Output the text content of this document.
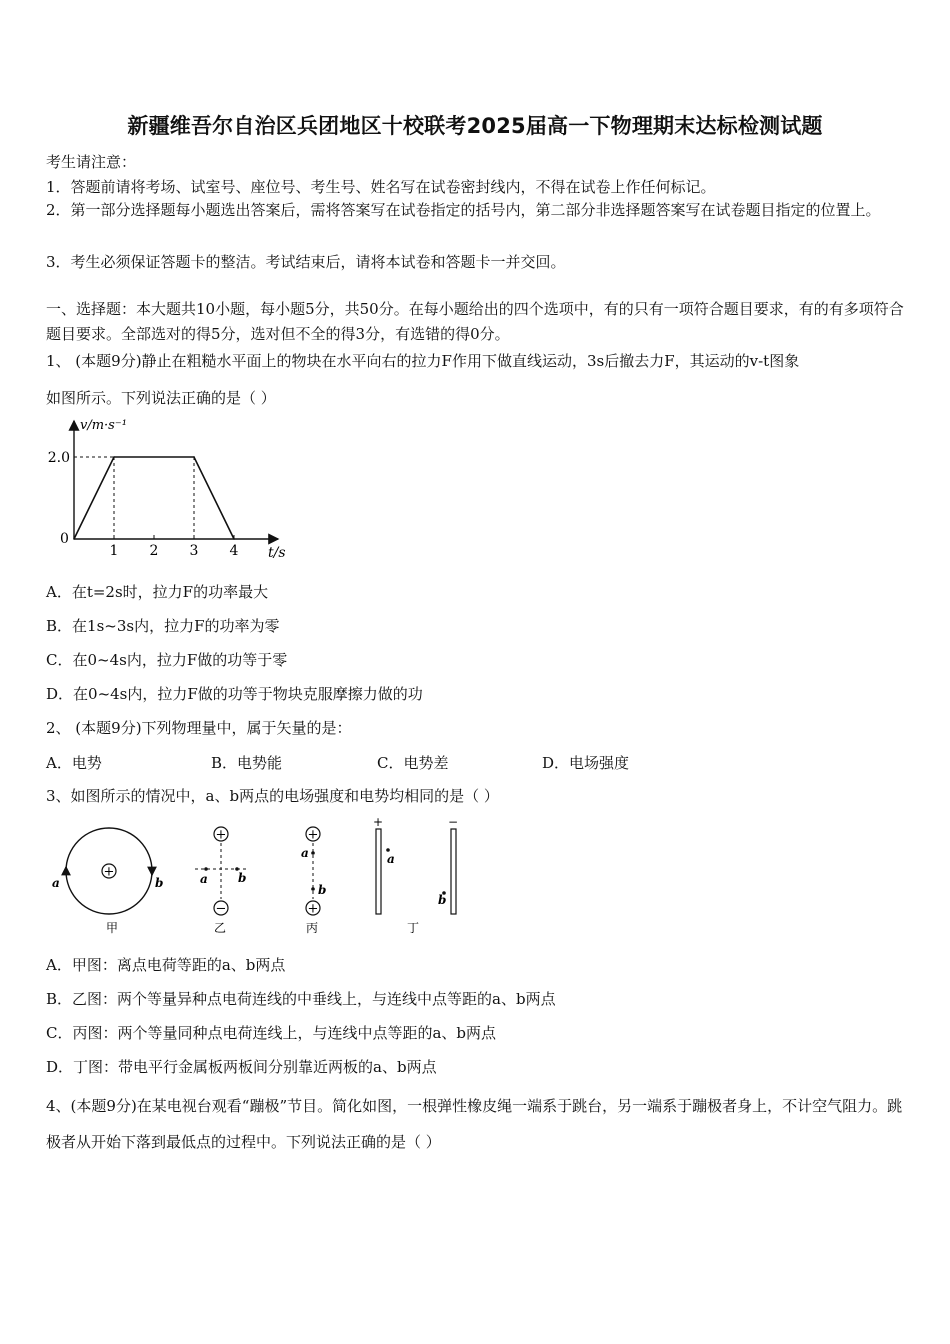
新疆维吾尔自治区兵团地区十校联考2025届高一下物理期末达标检测试题
考生请注意：
1．答题前请将考场、试室号、座位号、考生号、姓名写在试卷密封线内，不得在试卷上作任何标记。
2．第一部分选择题每小题选出答案后，需将答案写在试卷指定的括号内，第二部分非选择题答案写在试卷题目指定的位置上。
3．考生必须保证答题卡的整洁。考试结束后，请将本试卷和答题卡一并交回。
一、选择题：本大题共10小题，每小题5分，共50分。在每小题给出的四个选项中，有的只有一项符合题目要求，有的有多项符合题目要求。全部选对的得5分，选对但不全的得3分，有选错的得0分。
1、 (本题9分)静止在粗糙水平面上的物块在水平向右的拉力F作用下做直线运动，3s后撤去力F，其运动的v-t图象
如图所示。下列说法正确的是（ ）
1 2 3 4
2.0
0
v/m·s⁻¹
t/s
A．在t=2s时，拉力F的功率最大
B．在1s~3s内，拉力F的功率为零
C．在0~4s内，拉力F做的功等于零
D．在0~4s内，拉力F做的功等于物块克服摩擦力做的功
2、 (本题9分)下列物理量中，属于矢量的是：
A．电势	B．电势能	C．电势差	D．电场强度
3、如图所示的情况中，a、b两点的电场强度和电势均相同的是（ ）
+
a	b
甲
+
−
a	b
乙
+
+
a
b
丙
+	−
a
b
丁
A．甲图：离点电荷等距的a、b两点
B．乙图：两个等量异种点电荷连线的中垂线上，与连线中点等距的a、b两点
C．丙图：两个等量同种点电荷连线上，与连线中点等距的a、b两点
D．丁图：带电平行金属板两板间分别靠近两板的a、b两点
4、(本题9分)在某电视台观看“蹦极”节目。简化如图，一根弹性橡皮绳一端系于跳台，另一端系于蹦极者身上，不计空气阻力。跳极者从开始下落到最低点的过程中。下列说法正确的是（ ）
